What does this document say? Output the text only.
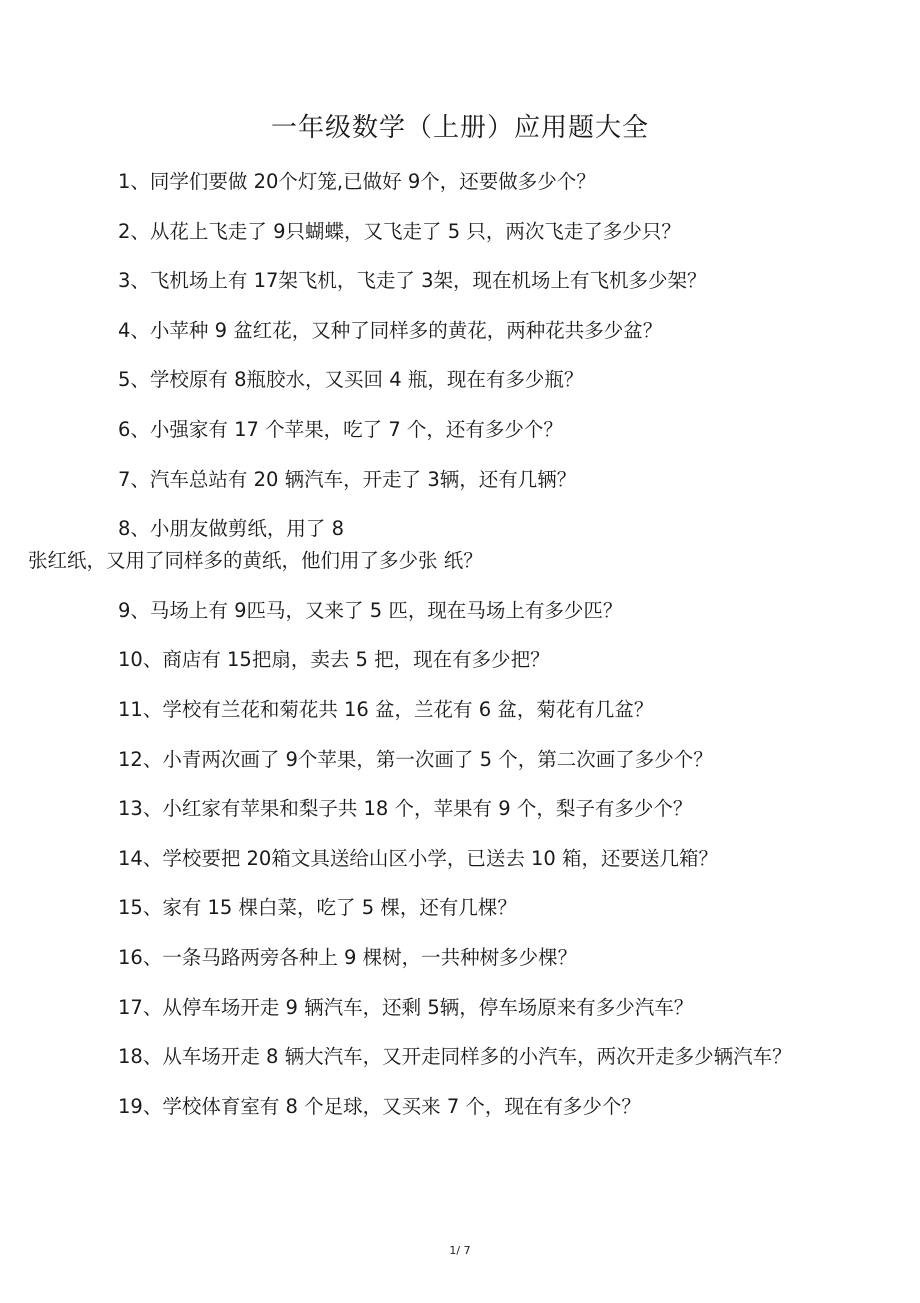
一年级数学（上册）应用题大全
1、同学们要做 20个灯笼,已做好 9个，还要做多少个？
2、从花上飞走了 9只蝴蝶，又飞走了 5 只，两次飞走了多少只？
3、飞机场上有 17架飞机，飞走了 3架，现在机场上有飞机多少架？
4、小苹种 9 盆红花，又种了同样多的黄花，两种花共多少盆？
5、学校原有 8瓶胶水，又买回 4 瓶，现在有多少瓶？
6、小强家有 17 个苹果，吃了 7 个，还有多少个？
7、汽车总站有 20 辆汽车，开走了 3辆，还有几辆？
8、小朋友做剪纸，用了 8
张红纸，又用了同样多的黄纸，他们用了多少张 纸？
9、马场上有 9匹马，又来了 5 匹，现在马场上有多少匹？
10、商店有 15把扇，卖去 5 把，现在有多少把？
11、学校有兰花和菊花共 16 盆，兰花有 6 盆，菊花有几盆？
12、小青两次画了 9个苹果，第一次画了 5 个，第二次画了多少个？
13、小红家有苹果和梨子共 18 个，苹果有 9 个，梨子有多少个？
14、学校要把 20箱文具送给山区小学，已送去 10 箱，还要送几箱？
15、家有 15 棵白菜，吃了 5 棵，还有几棵？
16、一条马路两旁各种上 9 棵树，一共种树多少棵？
17、从停车场开走 9 辆汽车，还剩 5辆，停车场原来有多少汽车？
18、从车场开走 8 辆大汽车，又开走同样多的小汽车，两次开走多少辆汽车？
19、学校体育室有 8 个足球，又买来 7 个，现在有多少个？
1/ 7
